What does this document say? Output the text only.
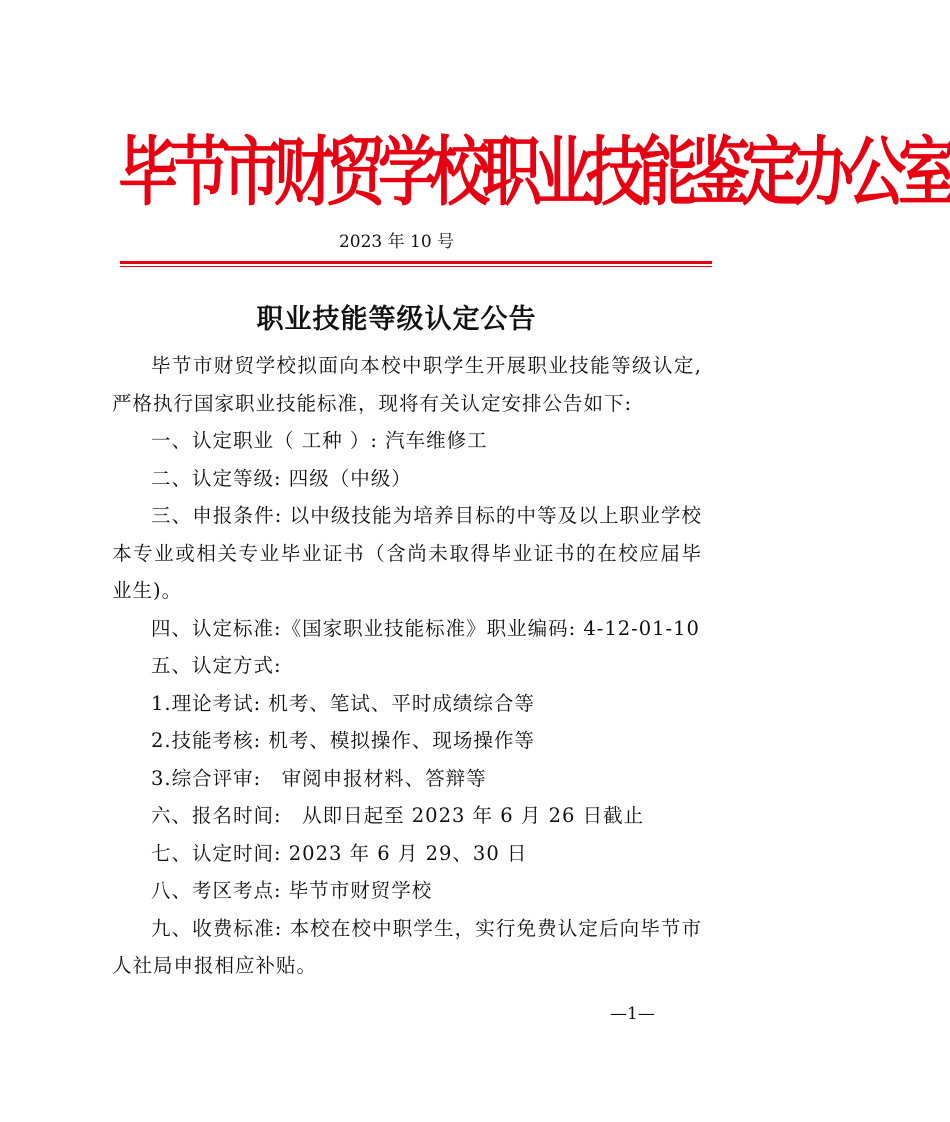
毕节市财贸学校职业技能鉴定办公室
2023 年 10 号
职业技能等级认定公告

毕节市财贸学校拟面向本校中职学生开展职业技能等级认定,严格执行国家职业技能标准，现将有关认定安排公告如下:

一、认定职业（ 工种 ）: 汽车维修工

二、认定等级: 四级（中级）

三、申报条件: 以中级技能为培养目标的中等及以上职业学校本专业或相关专业毕业证书（含尚未取得毕业证书的在校应届毕业生)。

四、认定标准:《国家职业技能标准》职业编码: 4-12-01-10

五、认定方式:

1.理论考试: 机考、笔试、平时成绩综合等

2.技能考核: 机考、模拟操作、现场操作等

3.综合评审:　审阅申报材料、答辩等

六、报名时间:　从即日起至 2023 年 6 月 26 日截止

七、认定时间: 2023 年 6 月 29、30 日

八、考区考点: 毕节市财贸学校

九、收费标准: 本校在校中职学生，实行免费认定后向毕节市人社局申报相应补贴。

—1—
